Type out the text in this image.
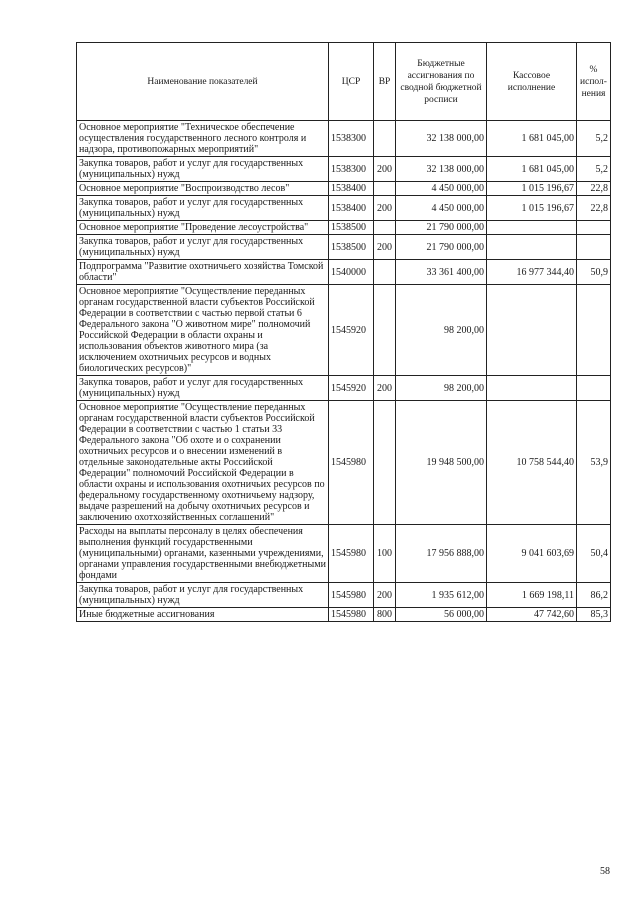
Наименование показателей	ЦСР	ВР	Бюджетные ассигнования по сводной бюджетной росписи	Кассовое исполнение	% испол-нения
Основное мероприятие "Техническое обеспечение осуществления государственного лесного контроля и надзора, противопожарных мероприятий"	1538300		32 138 000,00	1 681 045,00	5,2
Закупка товаров, работ и услуг для государственных (муниципальных) нужд	1538300	200	32 138 000,00	1 681 045,00	5,2
Основное мероприятие "Воспроизводство лесов"	1538400		4 450 000,00	1 015 196,67	22,8
Закупка товаров, работ и услуг для государственных (муниципальных) нужд	1538400	200	4 450 000,00	1 015 196,67	22,8
Основное мероприятие "Проведение лесоустройства"	1538500		21 790 000,00		
Закупка товаров, работ и услуг для государственных (муниципальных) нужд	1538500	200	21 790 000,00		
Подпрограмма "Развитие охотничьего хозяйства Томской области"	1540000		33 361 400,00	16 977 344,40	50,9
Основное мероприятие "Осуществление переданных органам государственной власти субъектов Российской Федерации в соответствии с частью первой статьи 6 Федерального закона "О животном мире" полномочий Российской Федерации в области охраны и использования объектов животного мира (за исключением охотничьих ресурсов и водных биологических ресурсов)"	1545920		98 200,00		
Закупка товаров, работ и услуг для государственных (муниципальных) нужд	1545920	200	98 200,00		
Основное мероприятие "Осуществление переданных органам государственной власти субъектов Российской Федерации в соответствии с частью 1 статьи 33 Федерального закона "Об охоте и о сохранении охотничьих ресурсов и о внесении изменений в отдельные законодательные акты Российской Федерации" полномочий Российской Федерации в области охраны и использования охотничьих ресурсов по федеральному государственному охотничьему надзору, выдаче разрешений на добычу охотничьих ресурсов и заключению охотхозяйственных соглашений"	1545980		19 948 500,00	10 758 544,40	53,9
Расходы на выплаты персоналу в целях обеспечения выполнения функций государственными (муниципальными) органами, казенными учреждениями, органами управления государственными внебюджетными фондами	1545980	100	17 956 888,00	9 041 603,69	50,4
Закупка товаров, работ и услуг для государственных (муниципальных) нужд	1545980	200	1 935 612,00	1 669 198,11	86,2
Иные бюджетные ассигнования	1545980	800	56 000,00	47 742,60	85,3
58
